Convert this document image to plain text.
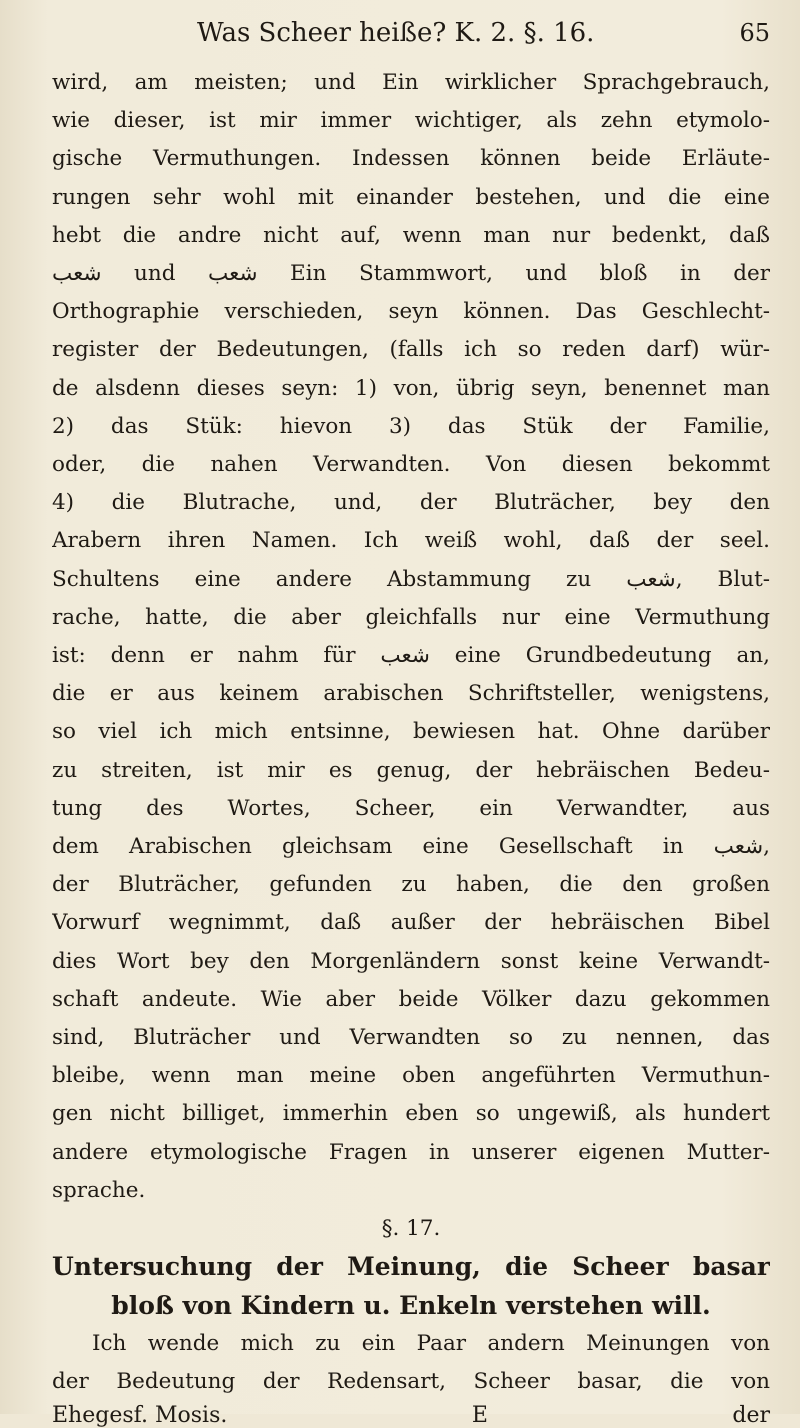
Was Scheer heiße? K. 2. §. 16.	65

wird, am meisten; und Ein wirklicher Sprachgebrauch,

wie dieser, ist mir immer wichtiger, als zehn etymolo-

gische Vermuthungen. Indessen können beide Erläute-

rungen sehr wohl mit einander bestehen, und die eine

hebt die andre nicht auf, wenn man nur bedenkt, daß

شعب und شعب Ein Stammwort, und bloß in der

Orthographie verschieden, seyn können. Das Geschlecht-

register der Bedeutungen, (falls ich so reden darf) wür-

de alsdenn dieses seyn: 1) von, übrig seyn, benennet man

2) das Stük: hievon 3) das Stük der Familie,

oder, die nahen Verwandten. Von diesen bekommt

4) die Blutrache, und, der Bluträcher, bey den

Arabern ihren Namen. Ich weiß wohl, daß der seel.

Schultens eine andere Abstammung zu شعب, Blut-

rache, hatte, die aber gleichfalls nur eine Vermuthung

ist: denn er nahm für شعب eine Grundbedeutung an,

die er aus keinem arabischen Schriftsteller, wenigstens,

so viel ich mich entsinne, bewiesen hat. Ohne darüber

zu streiten, ist mir es genug, der hebräischen Bedeu-

tung des Wortes, Scheer, ein Verwandter, aus

dem Arabischen gleichsam eine Gesellschaft in شعب,

der Bluträcher, gefunden zu haben, die den großen

Vorwurf wegnimmt, daß außer der hebräischen Bibel

dies Wort bey den Morgenländern sonst keine Verwandt-

schaft andeute. Wie aber beide Völker dazu gekommen

sind, Bluträcher und Verwandten so zu nennen, das

bleibe, wenn man meine oben angeführten Vermuthun-

gen nicht billiget, immerhin eben so ungewiß, als hundert

andere etymologische Fragen in unserer eigenen Mutter-

sprache.

§. 17.

Untersuchung der Meinung, die Scheer basar

bloß von Kindern u. Enkeln verstehen will.

Ich wende mich zu ein Paar andern Meinungen von

der Bedeutung der Redensart, Scheer basar, die von

Ehegesf. Mosis.	E	der
